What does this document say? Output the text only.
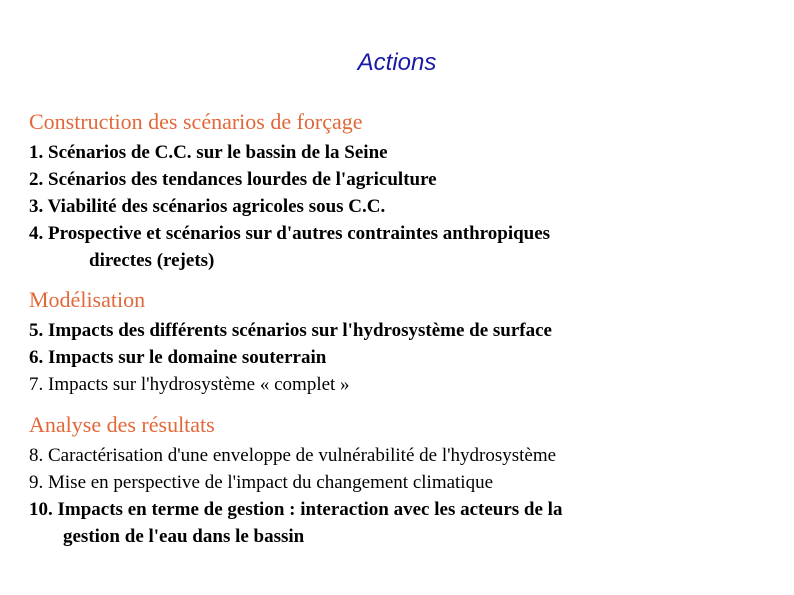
Actions
Construction des scénarios de forçage
1. Scénarios de C.C. sur le bassin de la Seine
2. Scénarios des tendances lourdes de l'agriculture
3. Viabilité des scénarios agricoles sous C.C.
4. Prospective et scénarios sur d'autres contraintes anthropiques
directes (rejets)
Modélisation
5. Impacts des différents scénarios sur l'hydrosystème de surface
6. Impacts sur le domaine souterrain
7. Impacts sur l'hydrosystème « complet »
Analyse des résultats
8. Caractérisation d'une enveloppe de vulnérabilité de l'hydrosystème
9. Mise en perspective de l'impact du changement climatique
10. Impacts en terme de gestion : interaction avec les acteurs de la
gestion de l'eau dans le bassin
